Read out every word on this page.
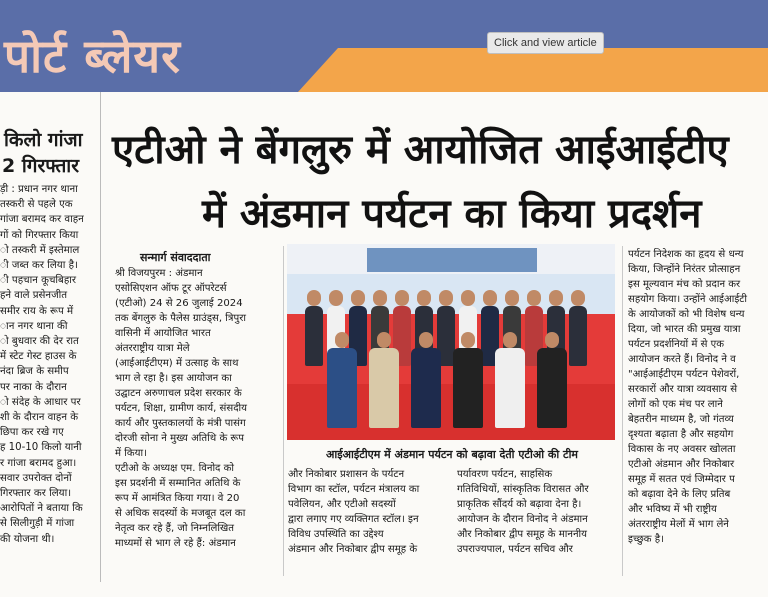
पोर्ट ब्लेयर	Click and view article
किलो गांजा
2 गिरफ्तार
ड़ी : प्रधान नगर थाना
तस्करी से पहले एक
गांजा बरामद कर वाहन
गों को गिरफ्तार किया
ो तस्करी में इस्तेमाल
ी जब्त कर लिया है।
ी पहचान कूचबिहार
हने वाले प्रसेनजीत
समीर राय के रूप में
ान नगर थाना की
ो बुधवार की देर रात
में स्टेट गेस्ट हाउस के
नंदा ब्रिज के समीप
पर नाका के दौरान
ो संदेह के आधार पर
शी के दौरान वाहन के
छिपा कर रखे गए
ह 10-10 किलो यानी
र गांजा बरामद हुआ।
सवार उपरोक्त दोनों
गिरफ्तार कर लिया।
आरोपितों ने बताया कि
से सिलीगुड़ी में गांजा
की योजना थी।
एटीओ ने बेंगलुरु में आयोजित आईआईटीए
में अंडमान पर्यटन का किया प्रदर्शन
सन्मार्ग संवाददाता
श्री विजयपुरम : अंडमान
एसोसिएशन ऑफ टूर ऑपरेटर्स
(एटीओ) 24 से 26 जुलाई 2024
तक बेंगलुरु के पैलेस ग्राउंड्स, त्रिपुरा
वासिनी में आयोजित भारत
अंतरराष्ट्रीय यात्रा मेले
(आईआईटीएम) में उत्साह के साथ
भाग ले रहा है। इस आयोजन का
उद्घाटन अरुणाचल प्रदेश सरकार के
पर्यटन, शिक्षा, ग्रामीण कार्य, संसदीय
कार्य और पुस्तकालयों के मंत्री पासंग
दोरजी सोना ने मुख्य अतिथि के रूप
में किया।
एटीओ के अध्यक्ष एम. विनोद को
इस प्रदर्शनी में सम्मानित अतिथि के
रूप में आमंत्रित किया गया। वे 20
से अधिक सदस्यों के मजबूत दल का
नेतृत्व कर रहे हैं, जो निम्नलिखित
माध्यमों से भाग ले रहे हैं: अंडमान
आईआईटीएम में अंडमान पर्यटन को बढ़ावा देती एटीओ की टीम
और निकोबार प्रशासन के पर्यटन
विभाग का स्टॉल, पर्यटन मंत्रालय का
पवेलियन, और एटीओ सदस्यों
द्वारा लगाए गए व्यक्तिगत स्टॉल। इन
विविध उपस्थिति का उद्देश्य
अंडमान और निकोबार द्वीप समूह के
पर्यावरण पर्यटन, साहसिक
गतिविधियों, सांस्कृतिक विरासत और
प्राकृतिक सौंदर्य को बढ़ावा देना है।
आयोजन के दौरान विनोद ने अंडमान
और निकोबार द्वीप समूह के माननीय
उपराज्यपाल, पर्यटन सचिव और
पर्यटन निदेशक का हृदय से धन्य
किया, जिन्होंने निरंतर प्रोत्साहन
इस मूल्यवान मंच को प्रदान कर
सहयोग किया। उन्होंने आईआईटी
के आयोजकों को भी विशेष धन्य
दिया, जो भारत की प्रमुख यात्रा
पर्यटन प्रदर्शनियों में से एक
आयोजन करते हैं। विनोद ने व
"आईआईटीएम पर्यटन पेशेवरों,
सरकारों और यात्रा व्यवसाय से
लोगों को एक मंच पर लाने
बेहतरीन माध्यम है, जो गंतव्य
दृश्यता बढ़ाता है और सहयोग
विकास के नए अवसर खोलता
एटीओ अंडमान और निकोबार
समूह में सतत एवं जिम्मेदार प
को बढ़ावा देने के लिए प्रतिब
और भविष्य में भी राष्ट्रीय
अंतरराष्ट्रीय मेलों में भाग लेने
इच्छुक है।
